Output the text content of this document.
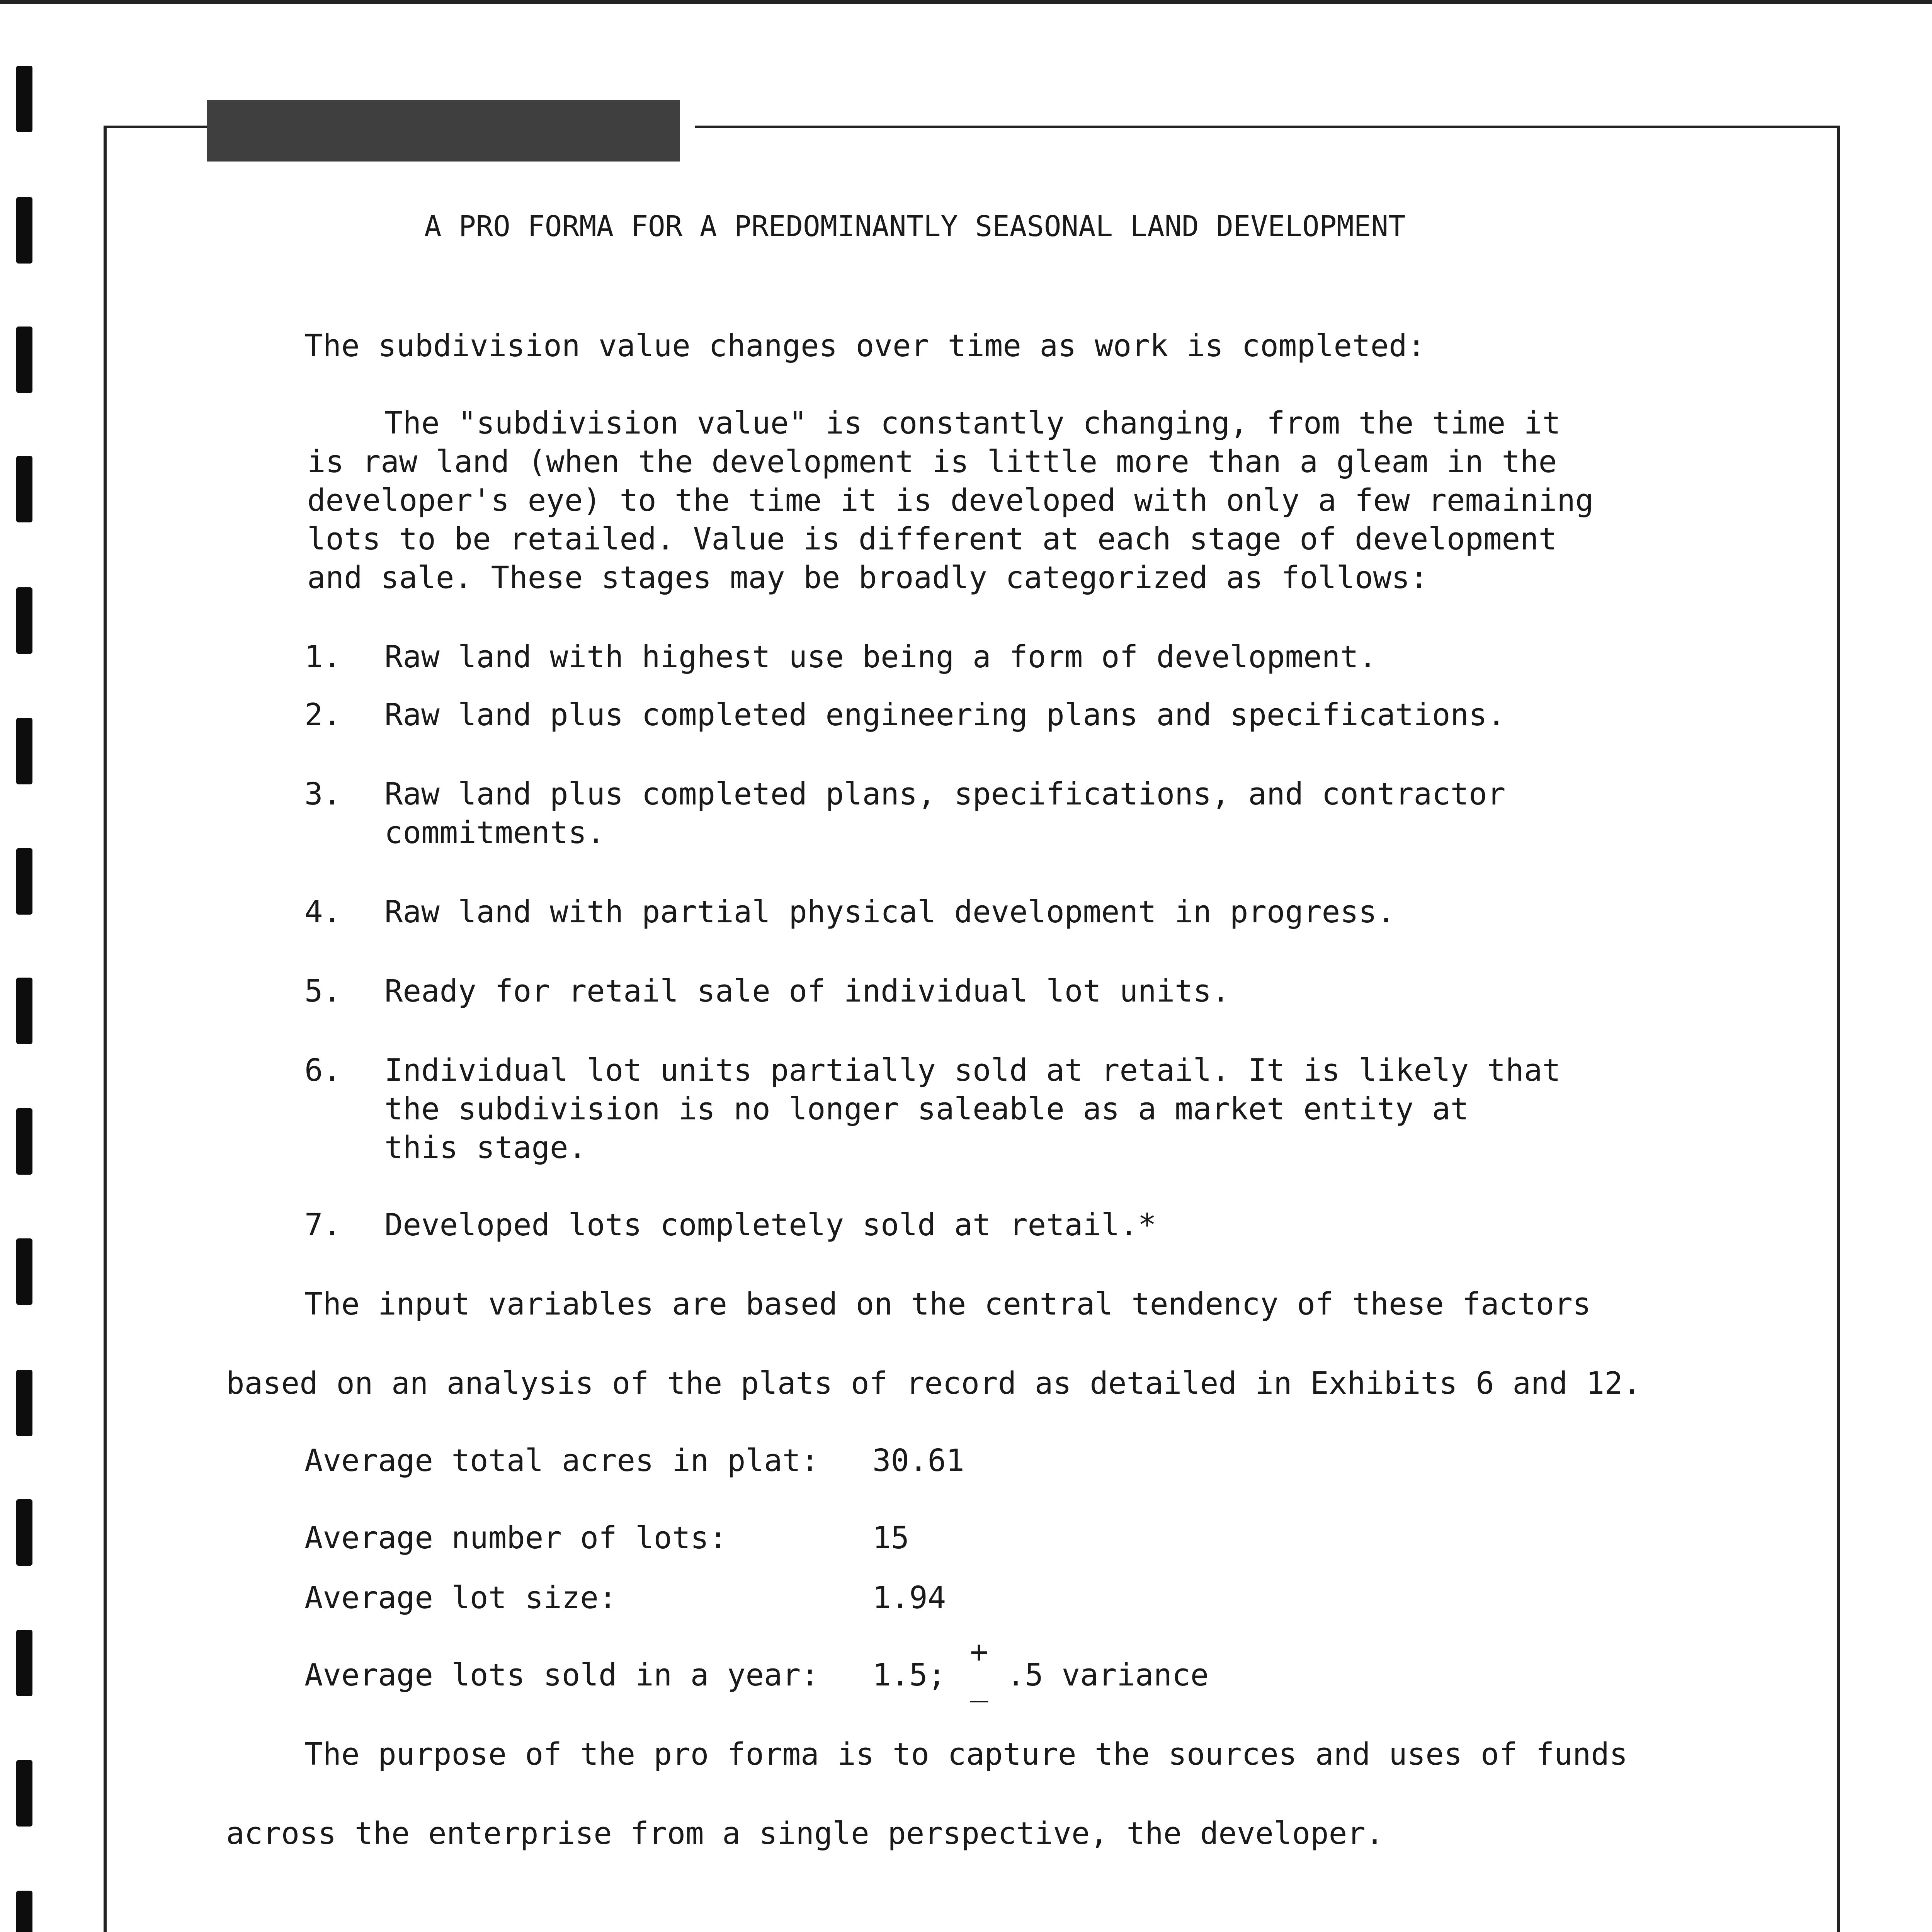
A PRO FORMA FOR A PREDOMINANTLY SEASONAL LAND DEVELOPMENT
The subdivision value changes over time as work is completed:
The "subdivision value" is constantly changing, from the time it
is raw land (when the development is little more than a gleam in the
developer's eye) to the time it is developed with only a few remaining
lots to be retailed. Value is different at each stage of development
and sale. These stages may be broadly categorized as follows:
1. Raw land with highest use being a form of development.
2. Raw land plus completed engineering plans and specifications.
3. Raw land plus completed plans, specifications, and contractor
commitments.
4. Raw land with partial physical development in progress.
5. Ready for retail sale of individual lot units.
6. Individual lot units partially sold at retail. It is likely that
the subdivision is no longer saleable as a market entity at
this stage.
7. Developed lots completely sold at retail.*
The input variables are based on the central tendency of these factors
based on an analysis of the plats of record as detailed in Exhibits 6 and 12.
Average total acres in plat: 30.61
Average number of lots:	15
Average lot size:	1.94
Average lots sold in a year: 1.5;
+
_ .5 variance
The purpose of the pro forma is to capture the sources and uses of funds
across the enterprise from a single perspective, the developer.
